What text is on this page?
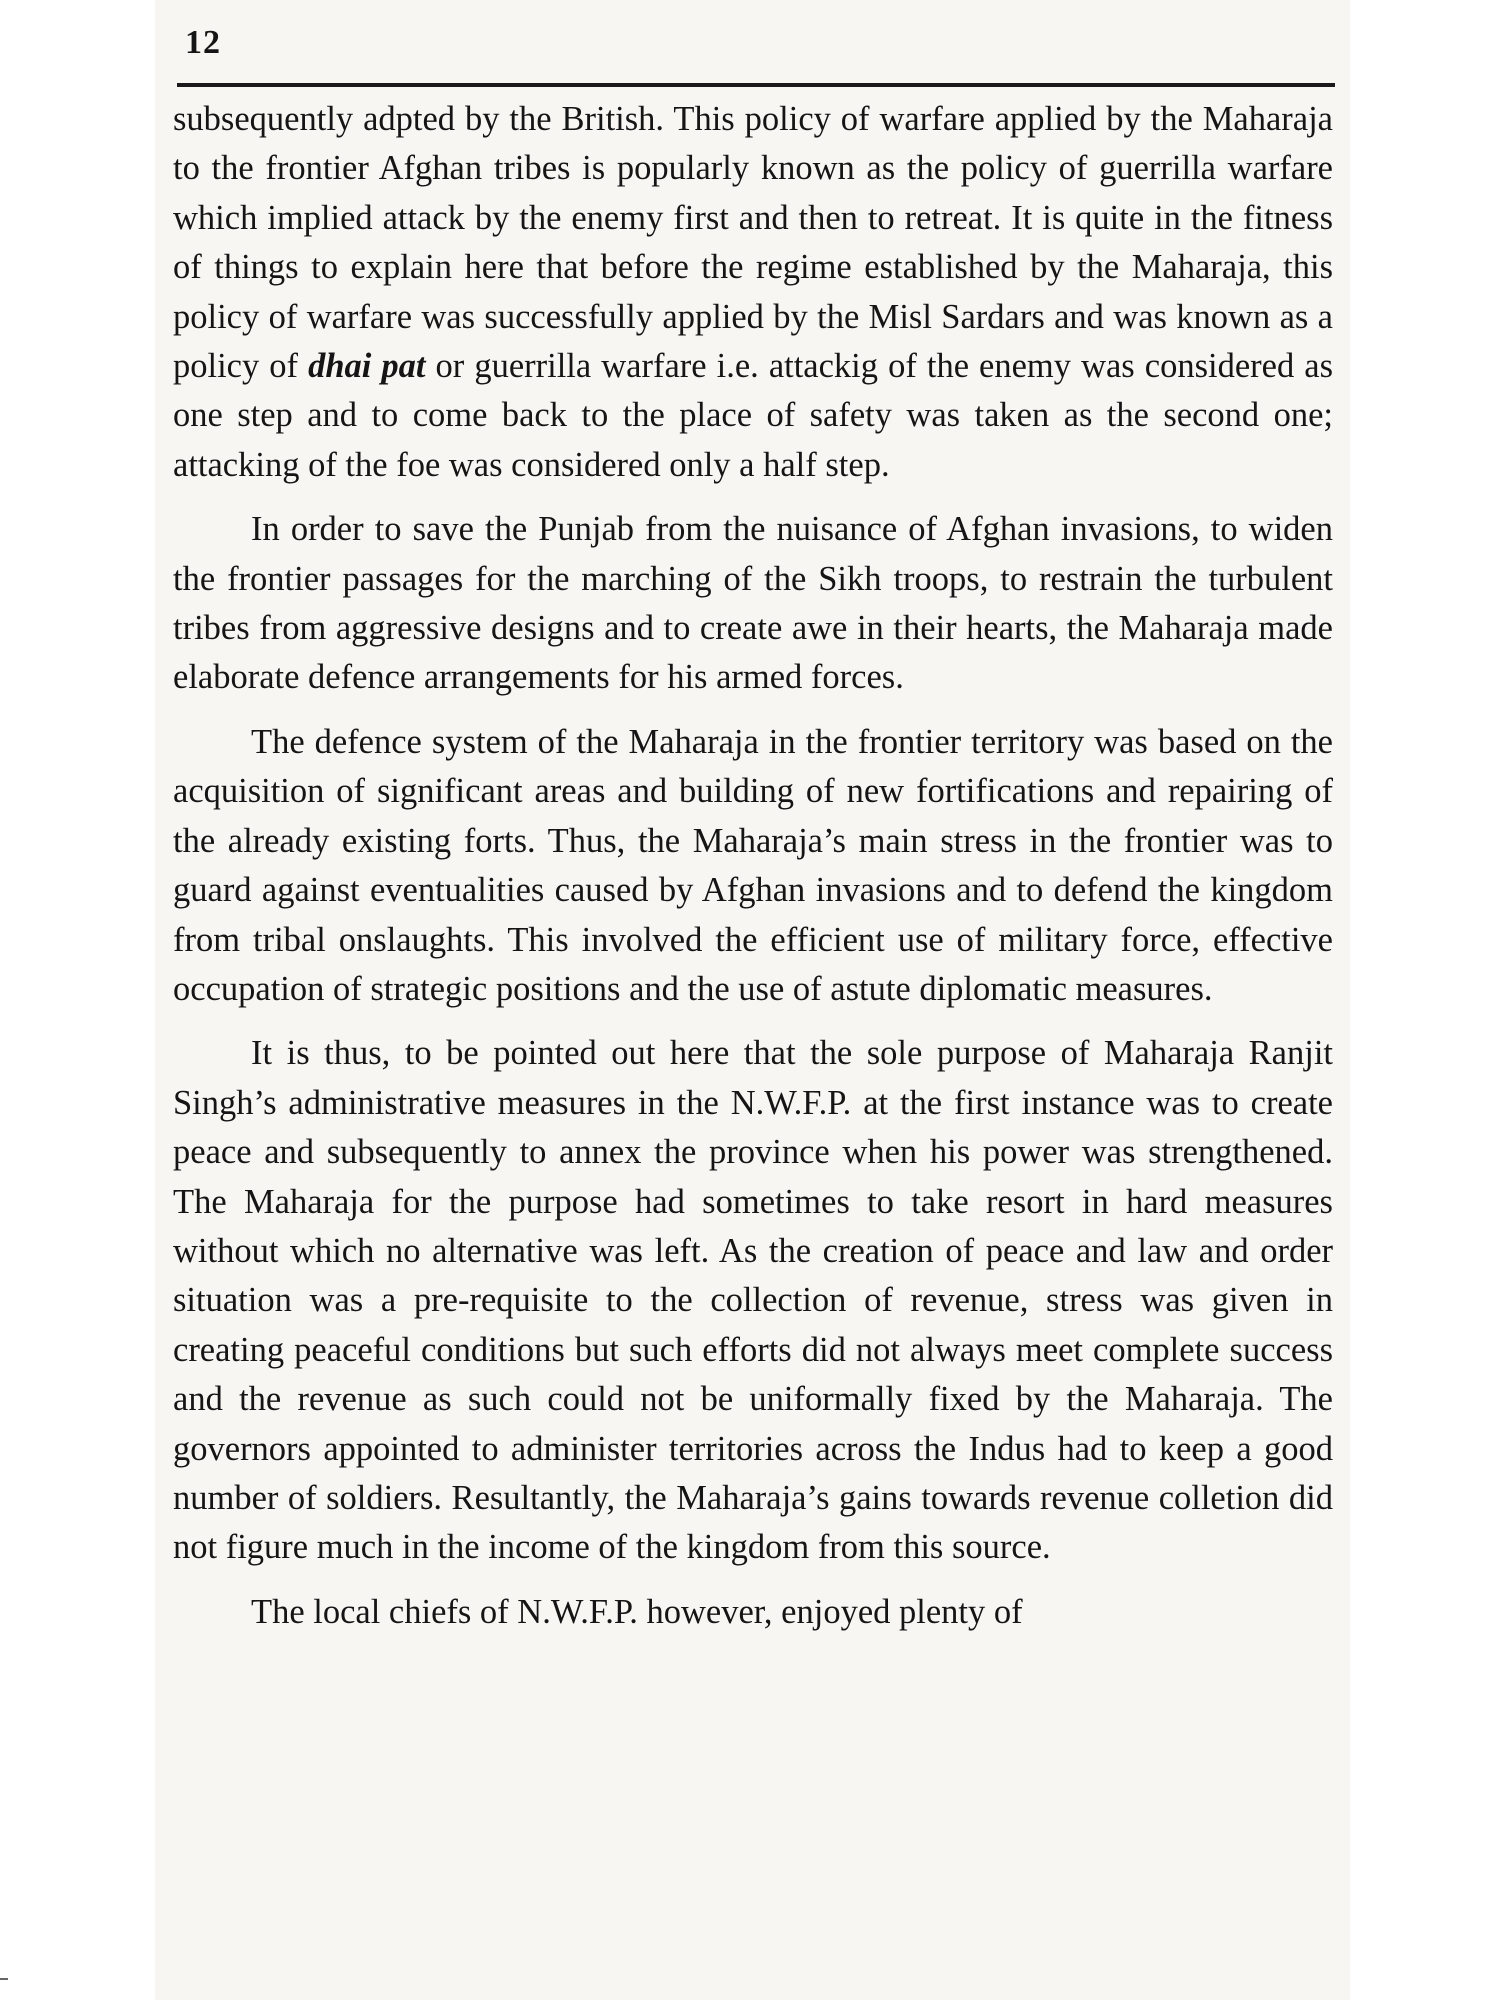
12

subsequently adpted by the British. This policy of warfare applied by the Maharaja to the frontier Afghan tribes is popularly known as the policy of guerrilla warfare which implied attack by the enemy first and then to retreat. It is quite in the fitness of things to explain here that before the regime established by the Maharaja, this policy of warfare was successfully applied by the Misl Sardars and was known as a policy of dhai pat or guerrilla warfare i.e. attackig of the enemy was considered as one step and to come back to the place of safety was taken as the second one; attacking of the foe was considered only a half step.

In order to save the Punjab from the nuisance of Afghan invasions, to widen the frontier passages for the marching of the Sikh troops, to restrain the turbulent tribes from aggressive designs and to create awe in their hearts, the Maharaja made elaborate defence arrangements for his armed forces.

The defence system of the Maharaja in the frontier territory was based on the acquisition of significant areas and building of new fortifications and repairing of the already existing forts. Thus, the Maharaja’s main stress in the frontier was to guard against eventualities caused by Afghan invasions and to defend the kingdom from tribal onslaughts. This involved the efficient use of military force, effective occupation of strategic positions and the use of astute diplomatic measures.

It is thus, to be pointed out here that the sole purpose of Maharaja Ranjit Singh’s administrative measures in the N.W.F.P. at the first instance was to create peace and subsequently to annex the province when his power was strengthened. The Maharaja for the purpose had sometimes to take resort in hard measures without which no alternative was left. As the creation of peace and law and order situation was a pre-requisite to the collection of revenue, stress was given in creating peaceful conditions but such efforts did not always meet complete success and the revenue as such could not be uniformally fixed by the Maharaja. The governors appointed to administer territories across the Indus had to keep a good number of soldiers. Resultantly, the Maharaja’s gains towards revenue colletion did not figure much in the income of the kingdom from this source.

The local chiefs of N.W.F.P. however, enjoyed plenty of
